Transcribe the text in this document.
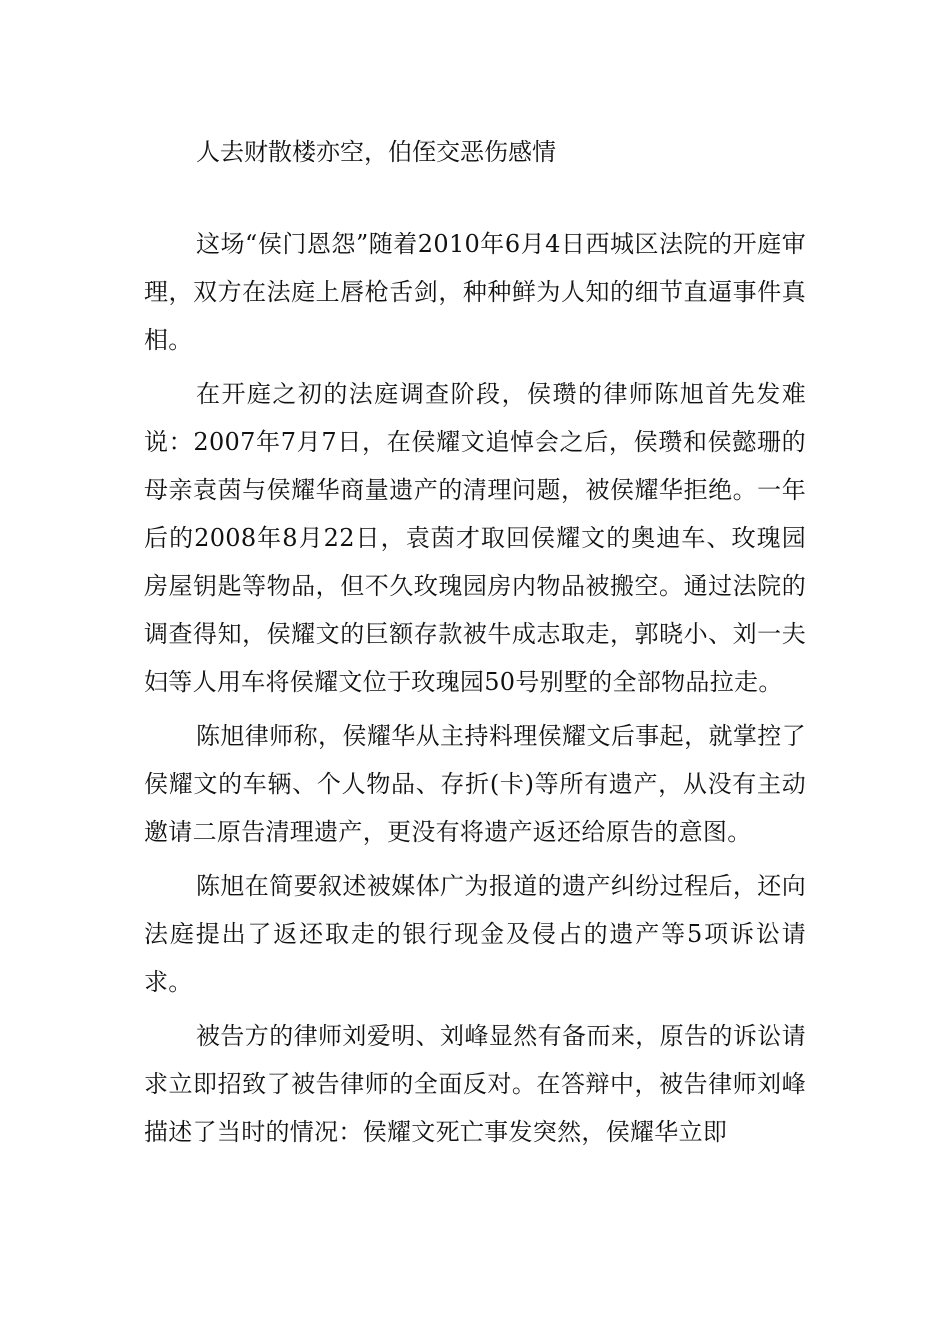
人去财散楼亦空，伯侄交恶伤感情

这场“侯门恩怨”随着2010年6月4日西城区法院的开庭审理，双方在法庭上唇枪舌剑，种种鲜为人知的细节直逼事件真相。

在开庭之初的法庭调查阶段，侯瓒的律师陈旭首先发难说：2007年7月7日，在侯耀文追悼会之后，侯瓒和侯懿珊的母亲袁茵与侯耀华商量遗产的清理问题，被侯耀华拒绝。一年后的2008年8月22日，袁茵才取回侯耀文的奥迪车、玫瑰园房屋钥匙等物品，但不久玫瑰园房内物品被搬空。通过法院的调查得知，侯耀文的巨额存款被牛成志取走，郭晓小、刘一夫妇等人用车将侯耀文位于玫瑰园50号别墅的全部物品拉走。

陈旭律师称，侯耀华从主持料理侯耀文后事起，就掌控了侯耀文的车辆、个人物品、存折(卡)等所有遗产，从没有主动邀请二原告清理遗产，更没有将遗产返还给原告的意图。

陈旭在简要叙述被媒体广为报道的遗产纠纷过程后，还向法庭提出了返还取走的银行现金及侵占的遗产等5项诉讼请求。

被告方的律师刘爱明、刘峰显然有备而来，原告的诉讼请求立即招致了被告律师的全面反对。在答辩中，被告律师刘峰描述了当时的情况：侯耀文死亡事发突然，侯耀华立即
